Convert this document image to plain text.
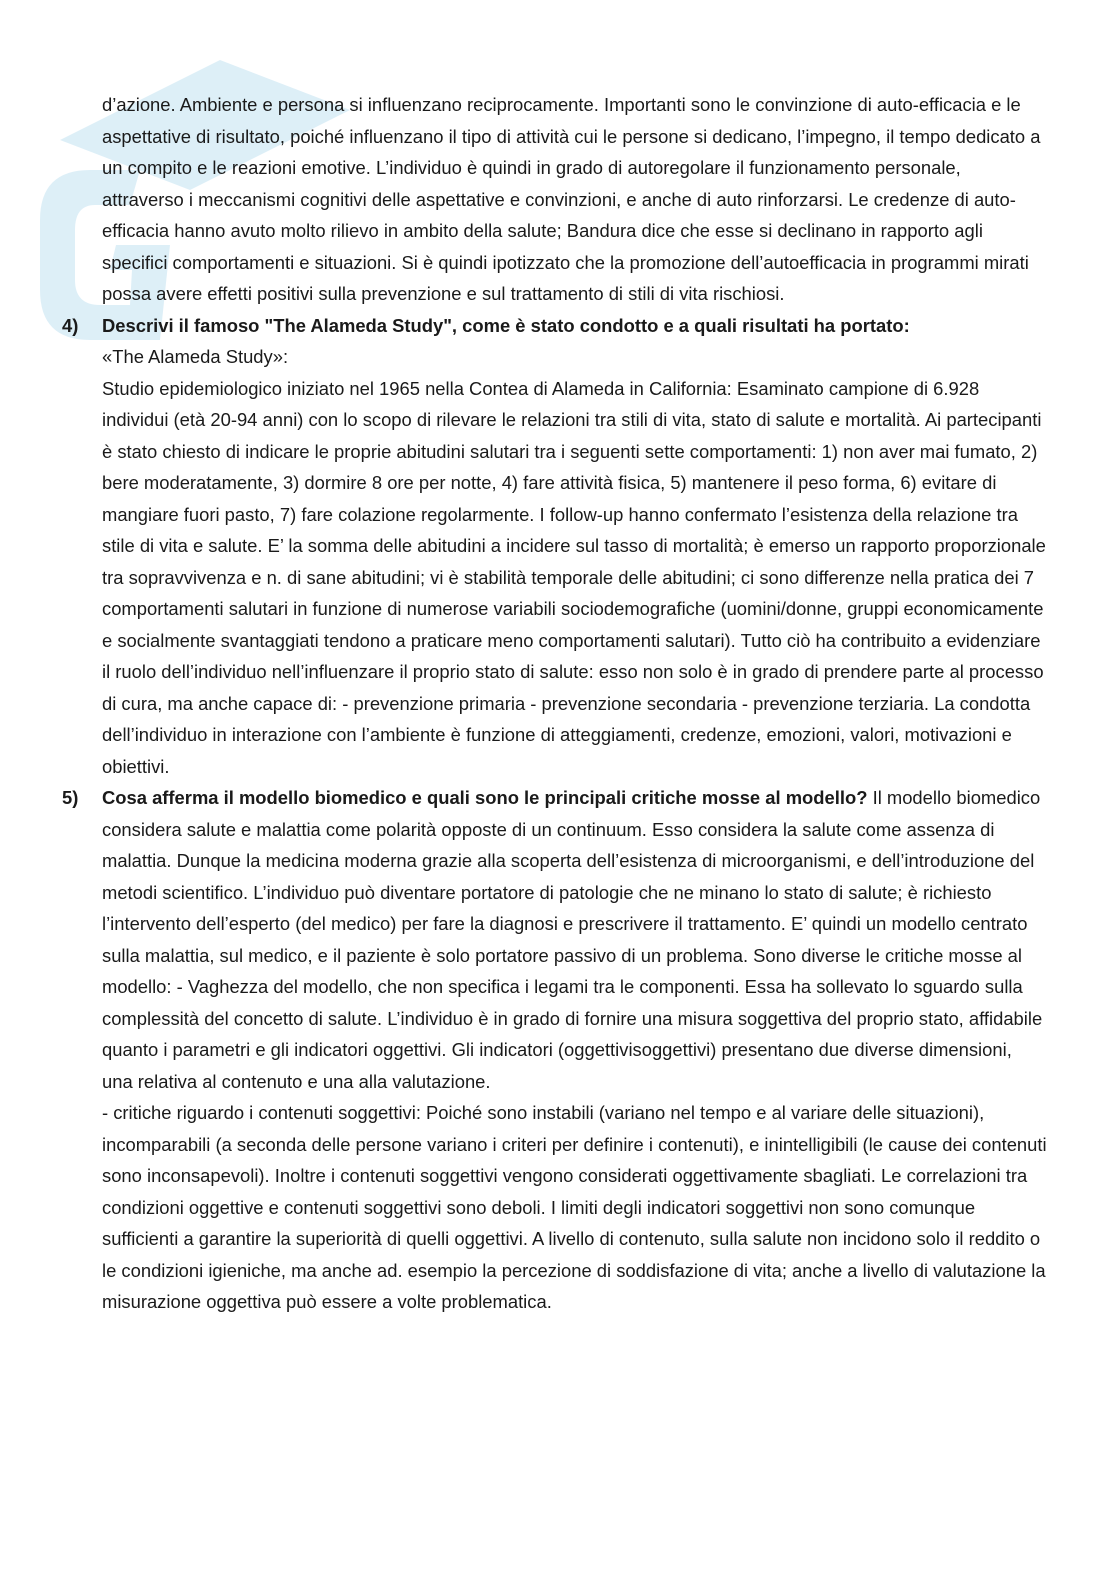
d’azione. Ambiente e persona si influenzano reciprocamente. Importanti sono le convinzione di auto-efficacia e le aspettative di risultato, poiché influenzano il tipo di attività cui le persone si dedicano, l’impegno, il tempo dedicato a un compito e le reazioni emotive. L’individuo è quindi in grado di autoregolare il funzionamento personale, attraverso i meccanismi cognitivi delle aspettative e convinzioni, e anche di auto rinforzarsi. Le credenze di auto-efficacia hanno avuto molto rilievo in ambito della salute; Bandura dice che esse si declinano in rapporto agli specifici comportamenti e situazioni. Si è quindi ipotizzato che la promozione dell’autoefficacia in programmi mirati possa avere effetti positivi sulla prevenzione e sul trattamento di stili di vita rischiosi.

4) Descrivi il famoso "The Alameda Study", come è stato condotto e a quali risultati ha portato:
«The Alameda Study»:
Studio epidemiologico iniziato nel 1965 nella Contea di Alameda in California: Esaminato campione di 6.928 individui (età 20-94 anni) con lo scopo di rilevare le relazioni tra stili di vita, stato di salute e mortalità. Ai partecipanti è stato chiesto di indicare le proprie abitudini salutari tra i seguenti sette comportamenti: 1) non aver mai fumato, 2) bere moderatamente, 3) dormire 8 ore per notte, 4) fare attività fisica, 5) mantenere il peso forma, 6) evitare di mangiare fuori pasto, 7) fare colazione regolarmente. I follow-up hanno confermato l’esistenza della relazione tra stile di vita e salute. E’ la somma delle abitudini a incidere sul tasso di mortalità; è emerso un rapporto proporzionale tra sopravvivenza e n. di sane abitudini; vi è stabilità temporale delle abitudini; ci sono differenze nella pratica dei 7 comportamenti salutari in funzione di numerose variabili sociodemografiche (uomini/donne, gruppi economicamente e socialmente svantaggiati tendono a praticare meno comportamenti salutari). Tutto ciò ha contribuito a evidenziare il ruolo dell’individuo nell’influenzare il proprio stato di salute: esso non solo è in grado di prendere parte al processo di cura, ma anche capace di: - prevenzione primaria - prevenzione secondaria - prevenzione terziaria. La condotta dell’individuo in interazione con l’ambiente è funzione di atteggiamenti, credenze, emozioni, valori, motivazioni e obiettivi.
5) Cosa afferma il modello biomedico e quali sono le principali critiche mosse al modello? Il modello biomedico considera salute e malattia come polarità opposte di un continuum. Esso considera la salute come assenza di malattia. Dunque la medicina moderna grazie alla scoperta dell’esistenza di microorganismi, e dell’introduzione del metodi scientifico. L’individuo può diventare portatore di patologie che ne minano lo stato di salute; è richiesto l’intervento dell’esperto (del medico) per fare la diagnosi e prescrivere il trattamento. E’ quindi un modello centrato sulla malattia, sul medico, e il paziente è solo portatore passivo di un problema. Sono diverse le critiche mosse al modello: - Vaghezza del modello, che non specifica i legami tra le componenti. Essa ha sollevato lo sguardo sulla complessità del concetto di salute. L’individuo è in grado di fornire una misura soggettiva del proprio stato, affidabile quanto i parametri e gli indicatori oggettivi. Gli indicatori (oggettivisoggettivi) presentano due diverse dimensioni, una relativa al contenuto e una alla valutazione.
- critiche riguardo i contenuti soggettivi: Poiché sono instabili (variano nel tempo e al variare delle situazioni), incomparabili (a seconda delle persone variano i criteri per definire i contenuti), e inintelligibili (le cause dei contenuti sono inconsapevoli). Inoltre i contenuti soggettivi vengono considerati oggettivamente sbagliati. Le correlazioni tra condizioni oggettive e contenuti soggettivi sono deboli. I limiti degli indicatori soggettivi non sono comunque sufficienti a garantire la superiorità di quelli oggettivi. A livello di contenuto, sulla salute non incidono solo il reddito o le condizioni igieniche, ma anche ad. esempio la percezione di soddisfazione di vita; anche a livello di valutazione la misurazione oggettiva può essere a volte problematica.
